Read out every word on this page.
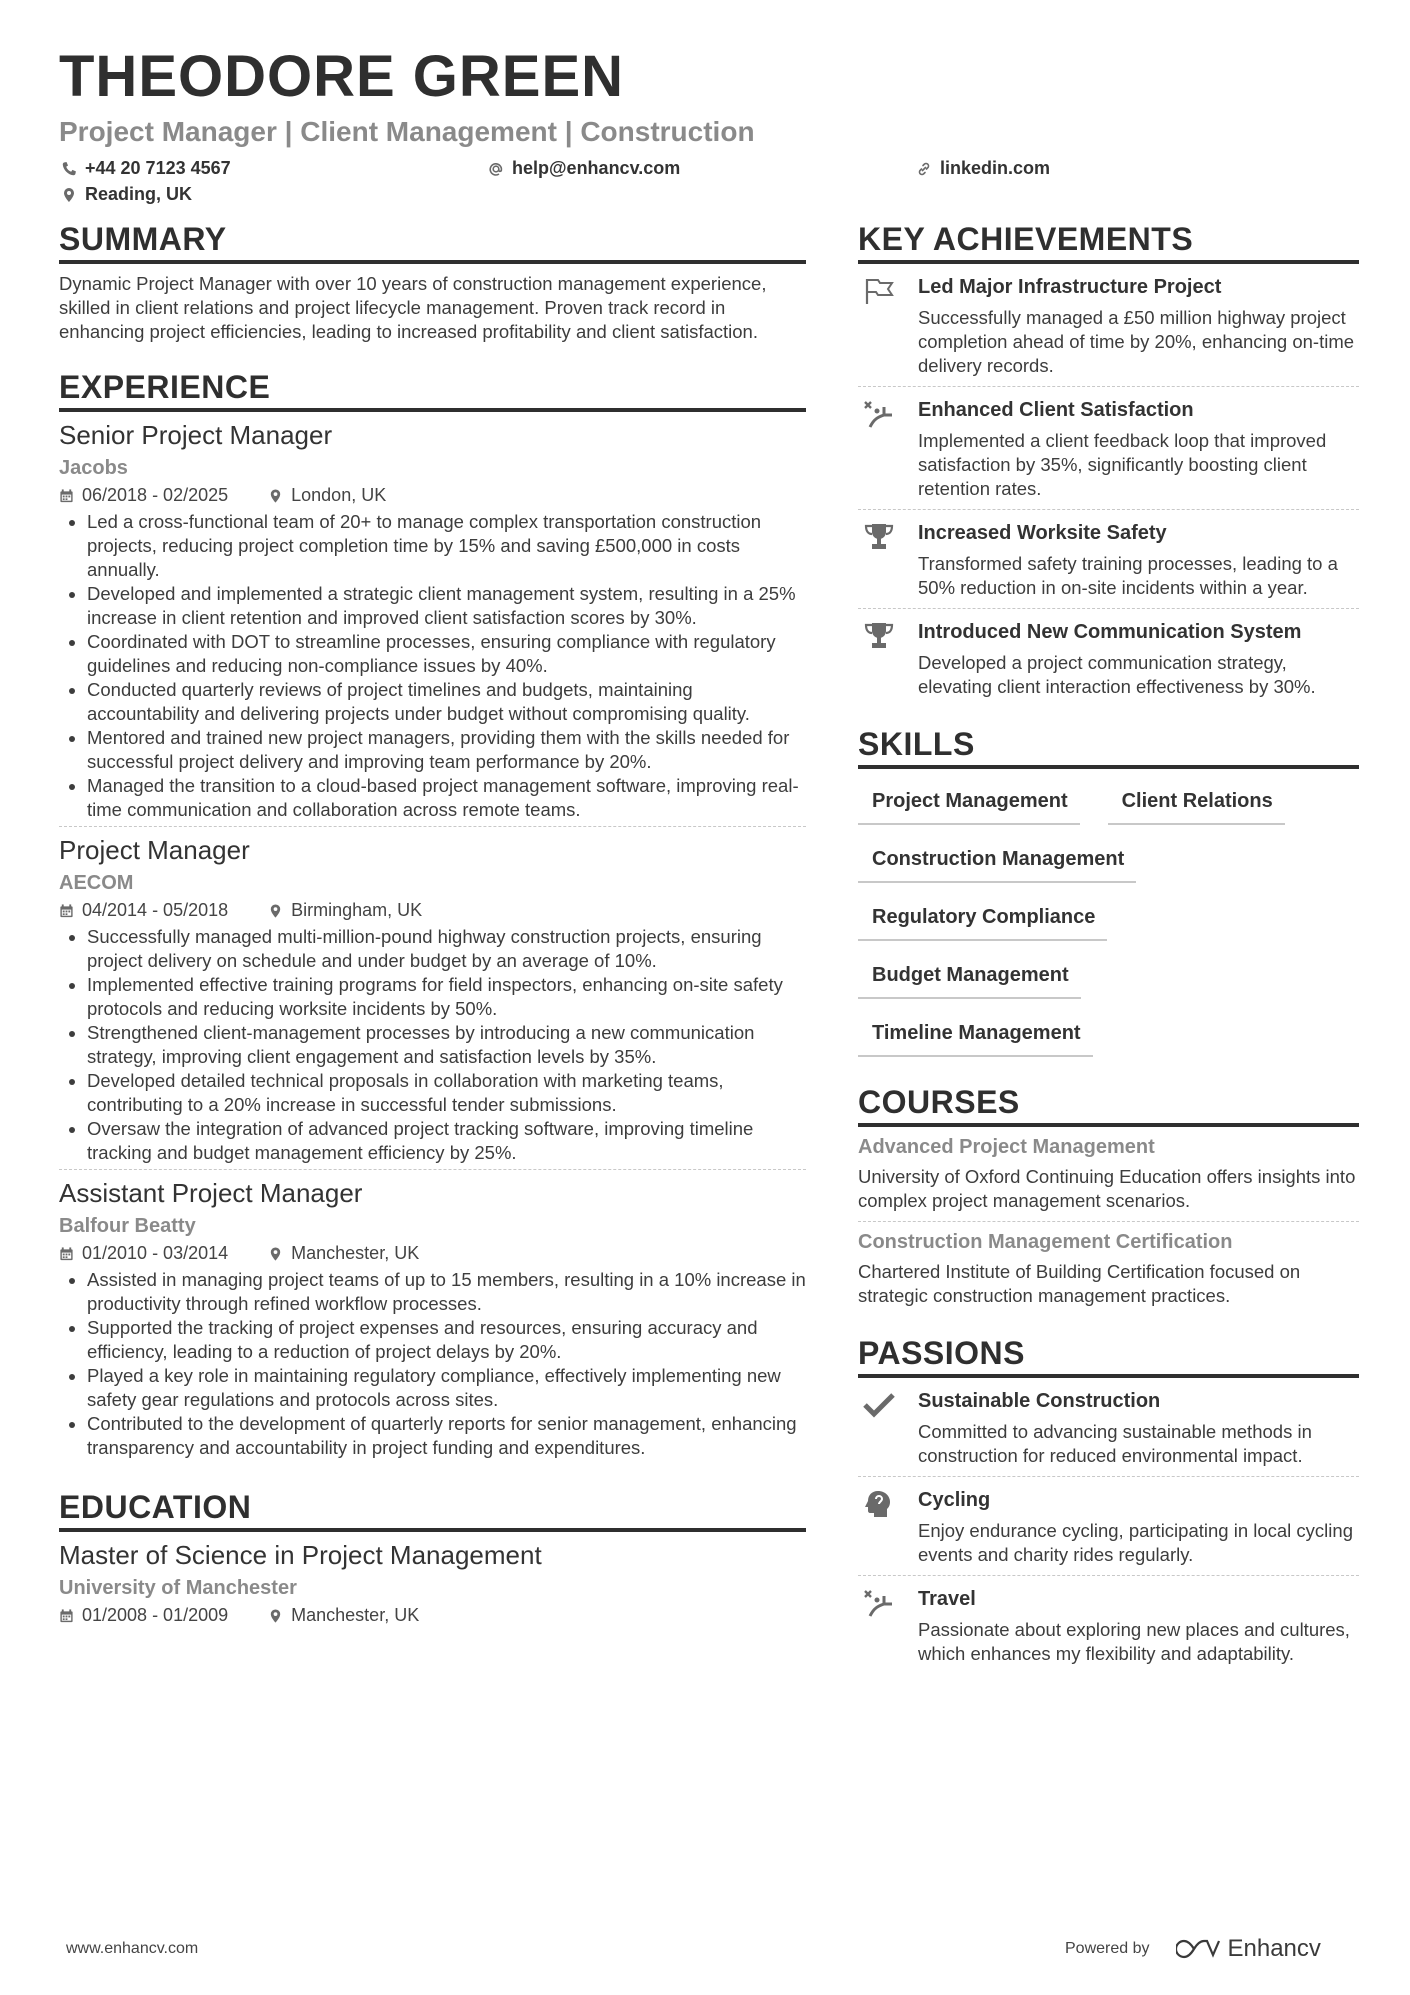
THEODORE GREEN
Project Manager | Client Management | Construction
+44 20 7123 4567	help@enhancv.com	linkedin.com
Reading, UK
SUMMARY
Dynamic Project Manager with over 10 years of construction management experience, skilled in client relations and project lifecycle management. Proven track record in enhancing project efficiencies, leading to increased profitability and client satisfaction.
EXPERIENCE
Senior Project Manager
Jacobs
06/2018 - 02/2025	London, UK
• Led a cross-functional team of 20+ to manage complex transportation construction projects, reducing project completion time by 15% and saving £500,000 in costs annually.
• Developed and implemented a strategic client management system, resulting in a 25% increase in client retention and improved client satisfaction scores by 30%.
• Coordinated with DOT to streamline processes, ensuring compliance with regulatory guidelines and reducing non-compliance issues by 40%.
• Conducted quarterly reviews of project timelines and budgets, maintaining accountability and delivering projects under budget without compromising quality.
• Mentored and trained new project managers, providing them with the skills needed for successful project delivery and improving team performance by 20%.
• Managed the transition to a cloud-based project management software, improving real-time communication and collaboration across remote teams.
Project Manager
AECOM
04/2014 - 05/2018	Birmingham, UK
• Successfully managed multi-million-pound highway construction projects, ensuring project delivery on schedule and under budget by an average of 10%.
• Implemented effective training programs for field inspectors, enhancing on-site safety protocols and reducing worksite incidents by 50%.
• Strengthened client-management processes by introducing a new communication strategy, improving client engagement and satisfaction levels by 35%.
• Developed detailed technical proposals in collaboration with marketing teams, contributing to a 20% increase in successful tender submissions.
• Oversaw the integration of advanced project tracking software, improving timeline tracking and budget management efficiency by 25%.
Assistant Project Manager
Balfour Beatty
01/2010 - 03/2014	Manchester, UK
• Assisted in managing project teams of up to 15 members, resulting in a 10% increase in productivity through refined workflow processes.
• Supported the tracking of project expenses and resources, ensuring accuracy and efficiency, leading to a reduction of project delays by 20%.
• Played a key role in maintaining regulatory compliance, effectively implementing new safety gear regulations and protocols across sites.
• Contributed to the development of quarterly reports for senior management, enhancing transparency and accountability in project funding and expenditures.
EDUCATION
Master of Science in Project Management
University of Manchester
01/2008 - 01/2009	Manchester, UK
KEY ACHIEVEMENTS
Led Major Infrastructure Project
Successfully managed a £50 million highway project completion ahead of time by 20%, enhancing on-time delivery records.
Enhanced Client Satisfaction
Implemented a client feedback loop that improved satisfaction by 35%, significantly boosting client retention rates.
Increased Worksite Safety
Transformed safety training processes, leading to a 50% reduction in on-site incidents within a year.
Introduced New Communication System
Developed a project communication strategy, elevating client interaction effectiveness by 30%.
SKILLS
Project Management	Client Relations
Construction Management
Regulatory Compliance
Budget Management
Timeline Management
COURSES
Advanced Project Management
University of Oxford Continuing Education offers insights into complex project management scenarios.
Construction Management Certification
Chartered Institute of Building Certification focused on strategic construction management practices.
PASSIONS
Sustainable Construction
Committed to advancing sustainable methods in construction for reduced environmental impact.
Cycling
Enjoy endurance cycling, participating in local cycling events and charity rides regularly.
Travel
Passionate about exploring new places and cultures, which enhances my flexibility and adaptability.
www.enhancv.com	Powered by	Enhancv
